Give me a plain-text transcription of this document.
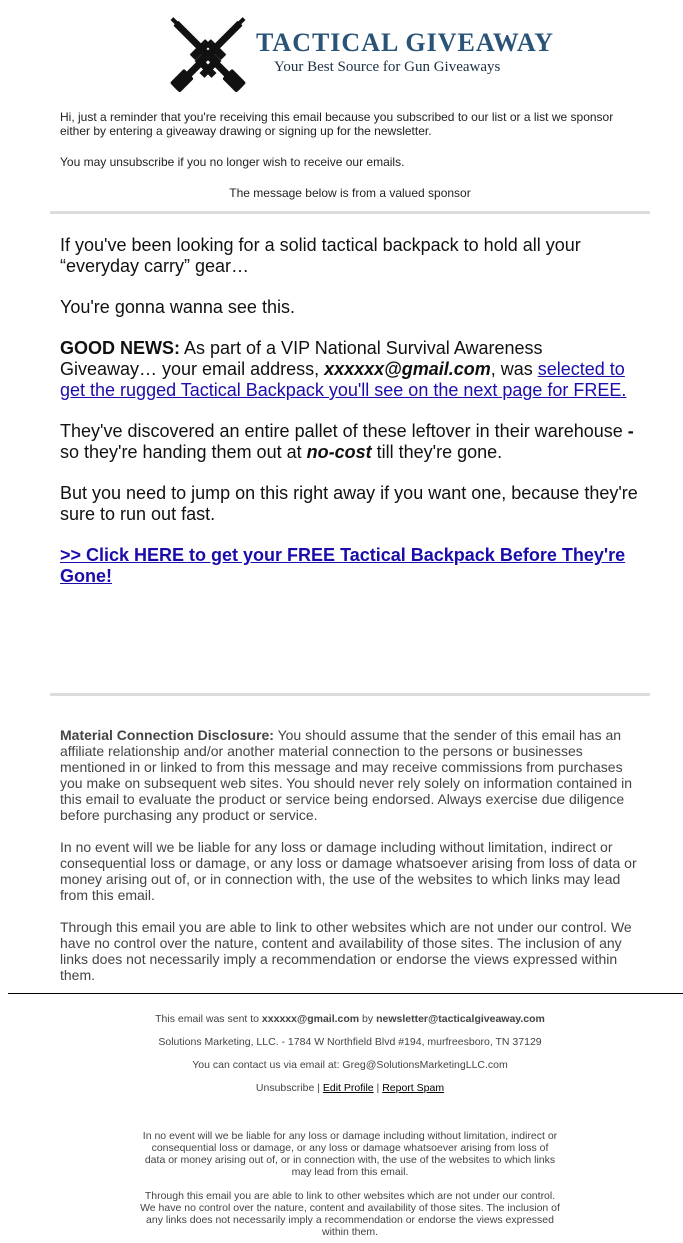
TACTICAL GIVEAWAY
Your Best Source for Gun Giveaways
Hi, just a reminder that you're receiving this email because you subscribed to our list or a list we sponsor either by entering a giveaway drawing or signing up for the newsletter.
You may unsubscribe if you no longer wish to receive our emails.
The message below is from a valued sponsor

If you've been looking for a solid tactical backpack to hold all your “everyday carry” gear…

You're gonna wanna see this.

GOOD NEWS: As part of a VIP National Survival Awareness Giveaway… your email address, xxxxxx@gmail.com, was selected to get the rugged Tactical Backpack you'll see on the next page for FREE.

They've discovered an entire pallet of these leftover in their warehouse - so they're handing them out at no-cost till they're gone.

But you need to jump on this right away if you want one, because they're sure to run out fast.

>> Click HERE to get your FREE Tactical Backpack Before They're Gone!

Material Connection Disclosure: You should assume that the sender of this email has an affiliate relationship and/or another material connection to the persons or businesses mentioned in or linked to from this message and may receive commissions from purchases you make on subsequent web sites. You should never rely solely on information contained in this email to evaluate the product or service being endorsed. Always exercise due diligence before purchasing any product or service.

In no event will we be liable for any loss or damage including without limitation, indirect or consequential loss or damage, or any loss or damage whatsoever arising from loss of data or money arising out of, or in connection with, the use of the websites to which links may lead from this email.

Through this email you are able to link to other websites which are not under our control. We have no control over the nature, content and availability of those sites. The inclusion of any links does not necessarily imply a recommendation or endorse the views expressed within them.

This email was sent to xxxxxx@gmail.com by newsletter@tacticalgiveaway.com
Solutions Marketing, LLC. - 1784 W Northfield Blvd #194, murfreesboro, TN 37129
You can contact us via email at: Greg@SolutionsMarketingLLC.com
Unsubscribe | Edit Profile | Report Spam

In no event will we be liable for any loss or damage including without limitation, indirect or consequential loss or damage, or any loss or damage whatsoever arising from loss of data or money arising out of, or in connection with, the use of the websites to which links may lead from this email.

Through this email you are able to link to other websites which are not under our control. We have no control over the nature, content and availability of those sites. The inclusion of any links does not necessarily imply a recommendation or endorse the views expressed within them.
